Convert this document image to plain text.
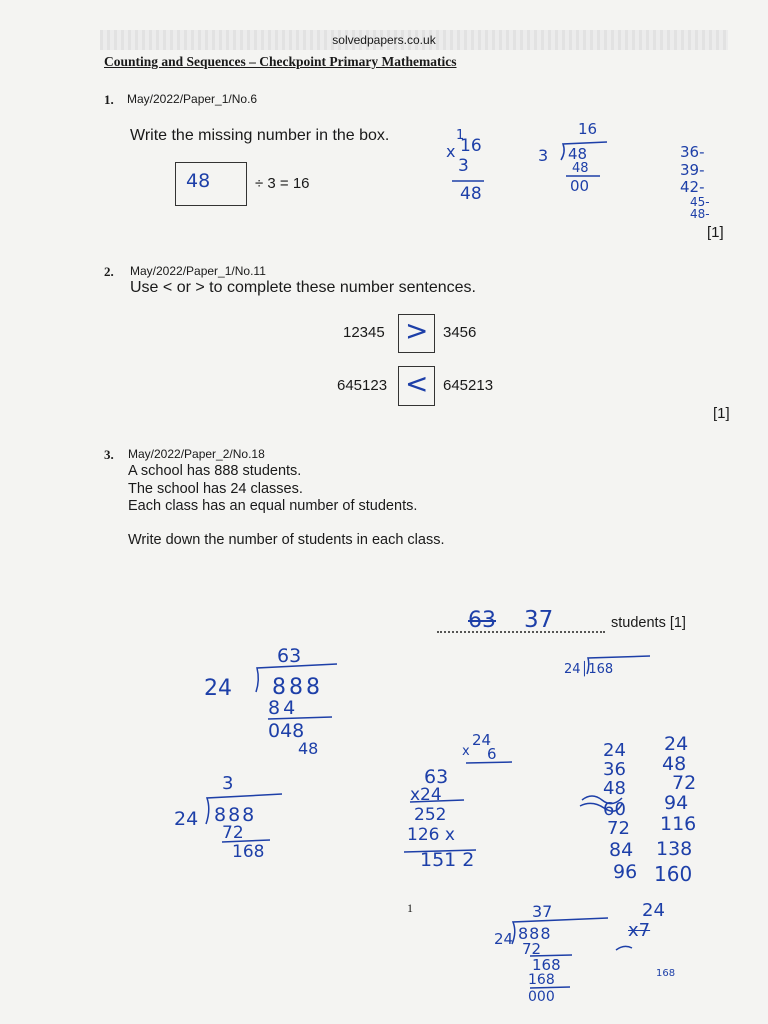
solvedpapers.co.uk
Counting and Sequences – Checkpoint Primary Mathematics
1. May/2022/Paper_1/No.6
Write the missing number in the box.
48	÷ 3 = 16
[1]
1
x 16
3
48
16
3 48
48
00
36-
39-
42-
45-
48-
2. May/2022/Paper_1/No.11
Use < or > to complete these number sentences.
12345 > 3456
645123 < 645213
[1]
3. May/2022/Paper_2/No.18
A school has 888 students.
The school has 24 classes.
Each class has an equal number of students.
Write down the number of students in each class.
63 37	students [1]
63
24 888
84
048
48
3
24 888
72
168
24│168
24
x 6
63
x24
252
126 x
151 2
24
36
48
60
72
84
96
24
48
72
94
116
138
160
1	37
24 888
72
168
168
000
24
x7
168
